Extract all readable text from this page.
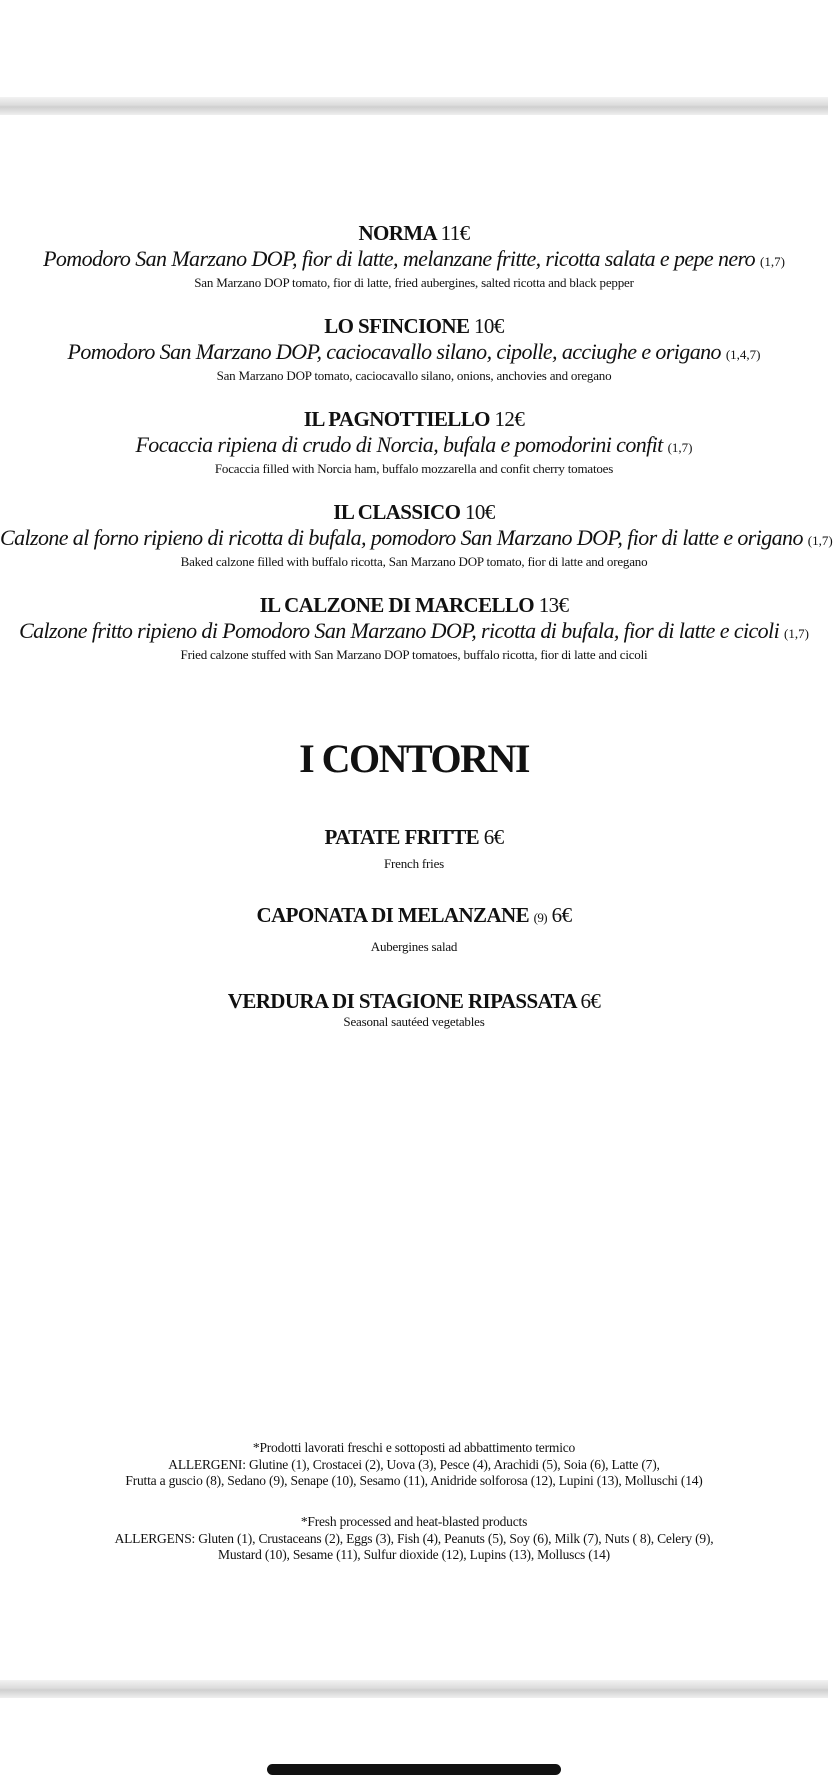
NORMA 11€
Pomodoro San Marzano DOP, fior di latte, melanzane fritte, ricotta salata e pepe nero (1,7)
San Marzano DOP tomato, fior di latte, fried aubergines, salted ricotta and black pepper
LO SFINCIONE 10€
Pomodoro San Marzano DOP, caciocavallo silano, cipolle, acciughe e origano (1,4,7)
San Marzano DOP tomato, caciocavallo silano, onions, anchovies and oregano
IL PAGNOTTIELLO 12€
Focaccia ripiena di crudo di Norcia, bufala e pomodorini confit (1,7)
Focaccia filled with Norcia ham, buffalo mozzarella and confit cherry tomatoes
IL CLASSICO 10€
Calzone al forno ripieno di ricotta di bufala, pomodoro San Marzano DOP, fior di latte e origano (1,7)
Baked calzone filled with buffalo ricotta, San Marzano DOP tomato, fior di latte and oregano
IL CALZONE DI MARCELLO 13€
Calzone fritto ripieno di Pomodoro San Marzano DOP, ricotta di bufala, fior di latte e cicoli (1,7)
Fried calzone stuffed with San Marzano DOP tomatoes, buffalo ricotta, fior di latte and cicoli
I CONTORNI
PATATE FRITTE 6€
French fries
CAPONATA DI MELANZANE (9) 6€
Aubergines salad
VERDURA DI STAGIONE RIPASSATA 6€
Seasonal sautéed vegetables
*Prodotti lavorati freschi e sottoposti ad abbattimento termico
ALLERGENI: Glutine (1), Crostacei (2), Uova (3), Pesce (4), Arachidi (5), Soia (6), Latte (7),
Frutta a guscio (8), Sedano (9), Senape (10), Sesamo (11), Anidride solforosa (12), Lupini (13), Molluschi (14)
*Fresh processed and heat-blasted products
ALLERGENS: Gluten (1), Crustaceans (2), Eggs (3), Fish (4), Peanuts (5), Soy (6), Milk (7), Nuts ( 8), Celery (9),
Mustard (10), Sesame (11), Sulfur dioxide (12), Lupins (13), Molluscs (14)
